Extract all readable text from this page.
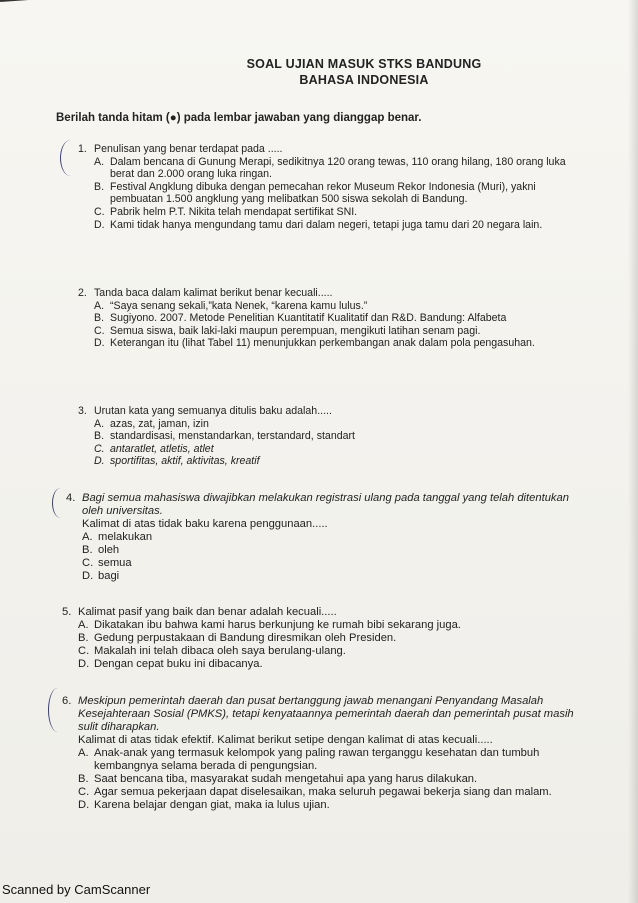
SOAL UJIAN MASUK STKS BANDUNG
BAHASA INDONESIA
Berilah tanda hitam (●) pada lembar jawaban yang dianggap benar.
1. Penulisan yang benar terdapat pada .....
A. Dalam bencana di Gunung Merapi, sedikitnya 120 orang tewas, 110 orang hilang, 180 orang luka berat dan 2.000 orang luka ringan.
B. Festival Angklung dibuka dengan pemecahan rekor Museum Rekor Indonesia (Muri), yakni pembuatan 1.500 angklung yang melibatkan 500 siswa sekolah di Bandung.
C. Pabrik helm P.T. Nikita telah mendapat sertifikat SNI.
D. Kami tidak hanya mengundang tamu dari dalam negeri, tetapi juga tamu dari 20 negara lain.
2. Tanda baca dalam kalimat berikut benar kecuali.....
A. “Saya senang sekali,”kata Nenek, “karena kamu lulus.”
B. Sugiyono. 2007. Metode Penelitian Kuantitatif Kualitatif dan R&D. Bandung: Alfabeta
C. Semua siswa, baik laki-laki maupun perempuan, mengikuti latihan senam pagi.
D. Keterangan itu (lihat Tabel 11) menunjukkan perkembangan anak dalam pola pengasuhan.
3. Urutan kata yang semuanya ditulis baku adalah.....
A. azas, zat, jaman, izin
B. standardisasi, menstandarkan, terstandard, standart
C. antaratlet, atletis, atlet
D. sportifitas, aktif, aktivitas, kreatif
4. Bagi semua mahasiswa diwajibkan melakukan registrasi ulang pada tanggal yang telah ditentukan oleh universitas.
Kalimat di atas tidak baku karena penggunaan.....
A. melakukan
B. oleh
C. semua
D. bagi
5. Kalimat pasif yang baik dan benar adalah kecuali.....
A. Dikatakan ibu bahwa kami harus berkunjung ke rumah bibi sekarang juga.
B. Gedung perpustakaan di Bandung diresmikan oleh Presiden.
C. Makalah ini telah dibaca oleh saya berulang-ulang.
D. Dengan cepat buku ini dibacanya.
6. Meskipun pemerintah daerah dan pusat bertanggung jawab menangani Penyandang Masalah Kesejahteraan Sosial (PMKS), tetapi kenyataannya pemerintah daerah dan pemerintah pusat masih sulit diharapkan.
Kalimat di atas tidak efektif. Kalimat berikut setipe dengan kalimat di atas kecuali.....
A. Anak-anak yang termasuk kelompok yang paling rawan terganggu kesehatan dan tumbuh kembangnya selama berada di pengungsian.
B. Saat bencana tiba, masyarakat sudah mengetahui apa yang harus dilakukan.
C. Agar semua pekerjaan dapat diselesaikan, maka seluruh pegawai bekerja siang dan malam.
D. Karena belajar dengan giat, maka ia lulus ujian.
Scanned by CamScanner
